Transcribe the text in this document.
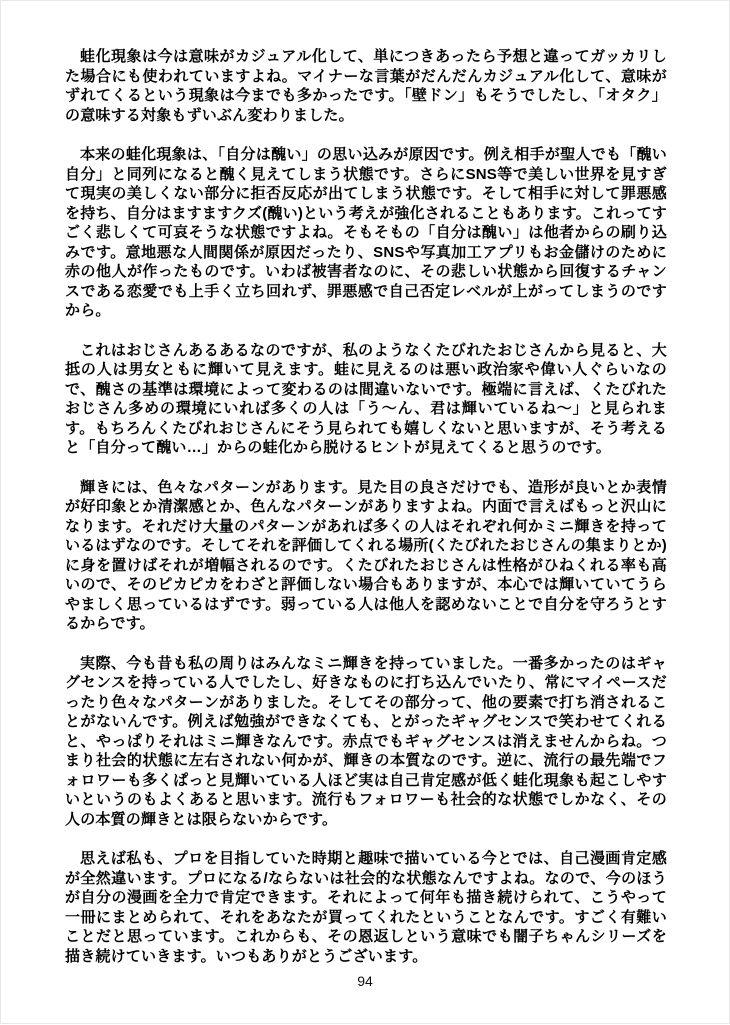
蛙化現象は今は意味がカジュアル化して、単につきあったら予想と違ってガッカリした場合にも使われていますよね。マイナーな言葉がだんだんカジュアル化して、意味がずれてくるという現象は今までも多かったです。「壁ドン」もそうでしたし、「オタク」の意味する対象もずいぶん変わりました。

本来の蛙化現象は、「自分は醜い」の思い込みが原因です。例え相手が聖人でも「醜い自分」と同列になると醜く見えてしまう状態です。さらにSNS等で美しい世界を見すぎて現実の美しくない部分に拒否反応が出てしまう状態です。そして相手に対して罪悪感を持ち、自分はますますクズ(醜い)という考えが強化されることもあります。これってすごく悲しくて可哀そうな状態ですよね。そもそもの「自分は醜い」は他者からの刷り込みです。意地悪な人間関係が原因だったり、SNSや写真加工アプリもお金儲けのために赤の他人が作ったものです。いわば被害者なのに、その悲しい状態から回復するチャンスである恋愛でも上手く立ち回れず、罪悪感で自己否定レベルが上がってしまうのですから。

これはおじさんあるあるなのですが、私のようなくたびれたおじさんから見ると、大抵の人は男女ともに輝いて見えます。蛙に見えるのは悪い政治家や偉い人ぐらいなので、醜さの基準は環境によって変わるのは間違いないです。極端に言えば、くたびれたおじさん多めの環境にいれば多くの人は「う〜ん、君は輝いているね〜」と見られます。もちろんくたびれおじさんにそう見られても嬉しくないと思いますが、そう考えると「自分って醜い…」からの蛙化から脱けるヒントが見えてくると思うのです。

輝きには、色々なパターンがあります。見た目の良さだけでも、造形が良いとか表情が好印象とか清潔感とか、色んなパターンがありますよね。内面で言えばもっと沢山になります。それだけ大量のパターンがあれば多くの人はそれぞれ何かミニ輝きを持っているはずなのです。そしてそれを評価してくれる場所(くたびれたおじさんの集まりとか)に身を置けばそれが増幅されるのです。くたびれたおじさんは性格がひねくれる率も高いので、そのピカピカをわざと評価しない場合もありますが、本心では輝いていてうらやましく思っているはずです。弱っている人は他人を認めないことで自分を守ろうとするからです。

実際、今も昔も私の周りはみんなミニ輝きを持っていました。一番多かったのはギャグセンスを持っている人でしたし、好きなものに打ち込んでいたり、常にマイペースだったり色々なパターンがありました。そしてその部分って、他の要素で打ち消されることがないんです。例えば勉強ができなくても、とがったギャグセンスで笑わせてくれると、やっぱりそれはミニ輝きなんです。赤点でもギャグセンスは消えませんからね。つまり社会的状態に左右されない何かが、輝きの本質なのです。逆に、流行の最先端でフォロワーも多くぱっと見輝いている人ほど実は自己肯定感が低く蛙化現象も起こしやすいというのもよくあると思います。流行もフォロワーも社会的な状態でしかなく、その人の本質の輝きとは限らないからです。

思えば私も、プロを目指していた時期と趣味で描いている今とでは、自己漫画肯定感が全然違います。プロになる/ならないは社会的な状態なんですよね。なので、今のほうが自分の漫画を全力で肯定できます。それによって何年も描き続けられて、こうやって一冊にまとめられて、それをあなたが買ってくれたということなんです。すごく有難いことだと思っています。これからも、その恩返しという意味でも闇子ちゃんシリーズを描き続けていきます。いつもありがとうございます。

94
